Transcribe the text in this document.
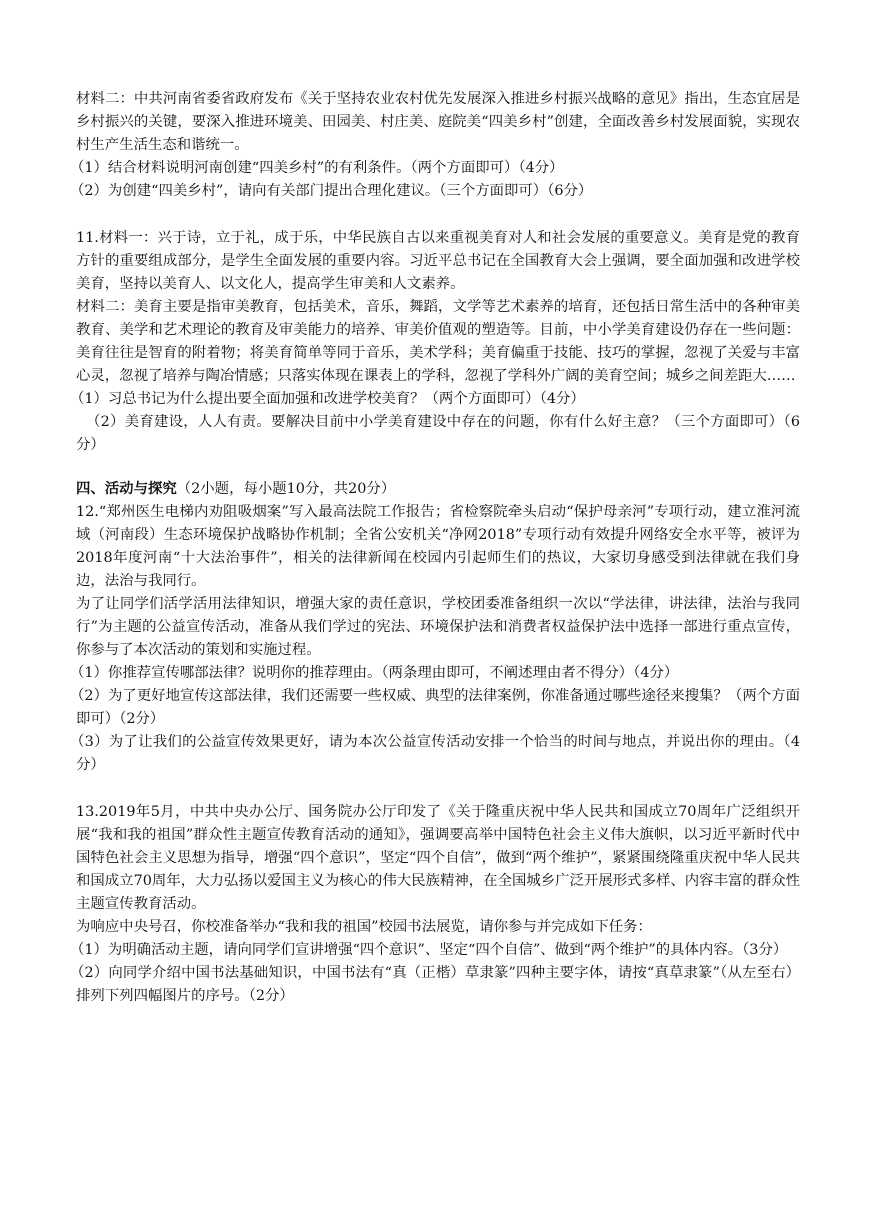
材料二：中共河南省委省政府发布《关于坚持农业农村优先发展深入推进乡村振兴战略的意见》指出，生态宜居是乡村振兴的关键，要深入推进环境美、田园美、村庄美、庭院美“四美乡村”创建，全面改善乡村发展面貌，实现农村生产生活生态和谐统一。

（1）结合材料说明河南创建“四美乡村”的有利条件。（两个方面即可）（4分）

（2）为创建“四美乡村”，请向有关部门提出合理化建议。（三个方面即可）（6分）

11.材料一：兴于诗，立于礼，成于乐，中华民族自古以来重视美育对人和社会发展的重要意义。美育是党的教育方针的重要组成部分，是学生全面发展的重要内容。习近平总书记在全国教育大会上强调，要全面加强和改进学校美育，坚持以美育人、以文化人，提高学生审美和人文素养。

材料二：美育主要是指审美教育，包括美术，音乐，舞蹈，文学等艺术素养的培育，还包括日常生活中的各种审美教育、美学和艺术理论的教育及审美能力的培养、审美价值观的塑造等。目前，中小学美育建设仍存在一些问题：美育往往是智育的附着物；将美育简单等同于音乐，美术学科；美育偏重于技能、技巧的掌握，忽视了关爱与丰富心灵，忽视了培养与陶冶情感；只落实体现在课表上的学科，忽视了学科外广阔的美育空间；城乡之间差距大……

（1）习总书记为什么提出要全面加强和改进学校美育？（两个方面即可）（4分）

（2）美育建设，人人有责。要解决目前中小学美育建设中存在的问题，你有什么好主意？（三个方面即可）（6分）

四、活动与探究（2小题，每小题10分，共20分）

12.“郑州医生电梯内劝阻吸烟案”写入最高法院工作报告；省检察院牵头启动“保护母亲河”专项行动，建立淮河流域（河南段）生态环境保护战略协作机制；全省公安机关“净网2018”专项行动有效提升网络安全水平等，被评为2018年度河南“十大法治事件”，相关的法律新闻在校园内引起师生们的热议，大家切身感受到法律就在我们身边，法治与我同行。

为了让同学们活学活用法律知识，增强大家的责任意识，学校团委准备组织一次以“学法律，讲法律，法治与我同行”为主题的公益宣传活动，准备从我们学过的宪法、环境保护法和消费者权益保护法中选择一部进行重点宣传，你参与了本次活动的策划和实施过程。

（1）你推荐宣传哪部法律？说明你的推荐理由。（两条理由即可，不阐述理由者不得分）（4分）

（2）为了更好地宣传这部法律，我们还需要一些权威、典型的法律案例，你准备通过哪些途径来搜集？（两个方面即可）（2分）

（3）为了让我们的公益宣传效果更好，请为本次公益宣传活动安排一个恰当的时间与地点，并说出你的理由。（4分）

13.2019年5月，中共中央办公厅、国务院办公厅印发了《关于隆重庆祝中华人民共和国成立70周年广泛组织开展“我和我的祖国”群众性主题宣传教育活动的通知》，强调要高举中国特色社会主义伟大旗帜，以习近平新时代中国特色社会主义思想为指导，增强“四个意识”，坚定“四个自信”，做到“两个维护”，紧紧围绕隆重庆祝中华人民共和国成立70周年，大力弘扬以爱国主义为核心的伟大民族精神，在全国城乡广泛开展形式多样、内容丰富的群众性主题宣传教育活动。

为响应中央号召，你校准备举办“我和我的祖国”校园书法展览，请你参与并完成如下任务：

（1）为明确活动主题，请向同学们宣讲增强“四个意识”、坚定“四个自信”、做到“两个维护”的具体内容。（3分）

（2）向同学介绍中国书法基础知识，中国书法有“真（正楷）草隶篆”四种主要字体，请按“真草隶篆”（从左至右）排列下列四幅图片的序号。（2分）
